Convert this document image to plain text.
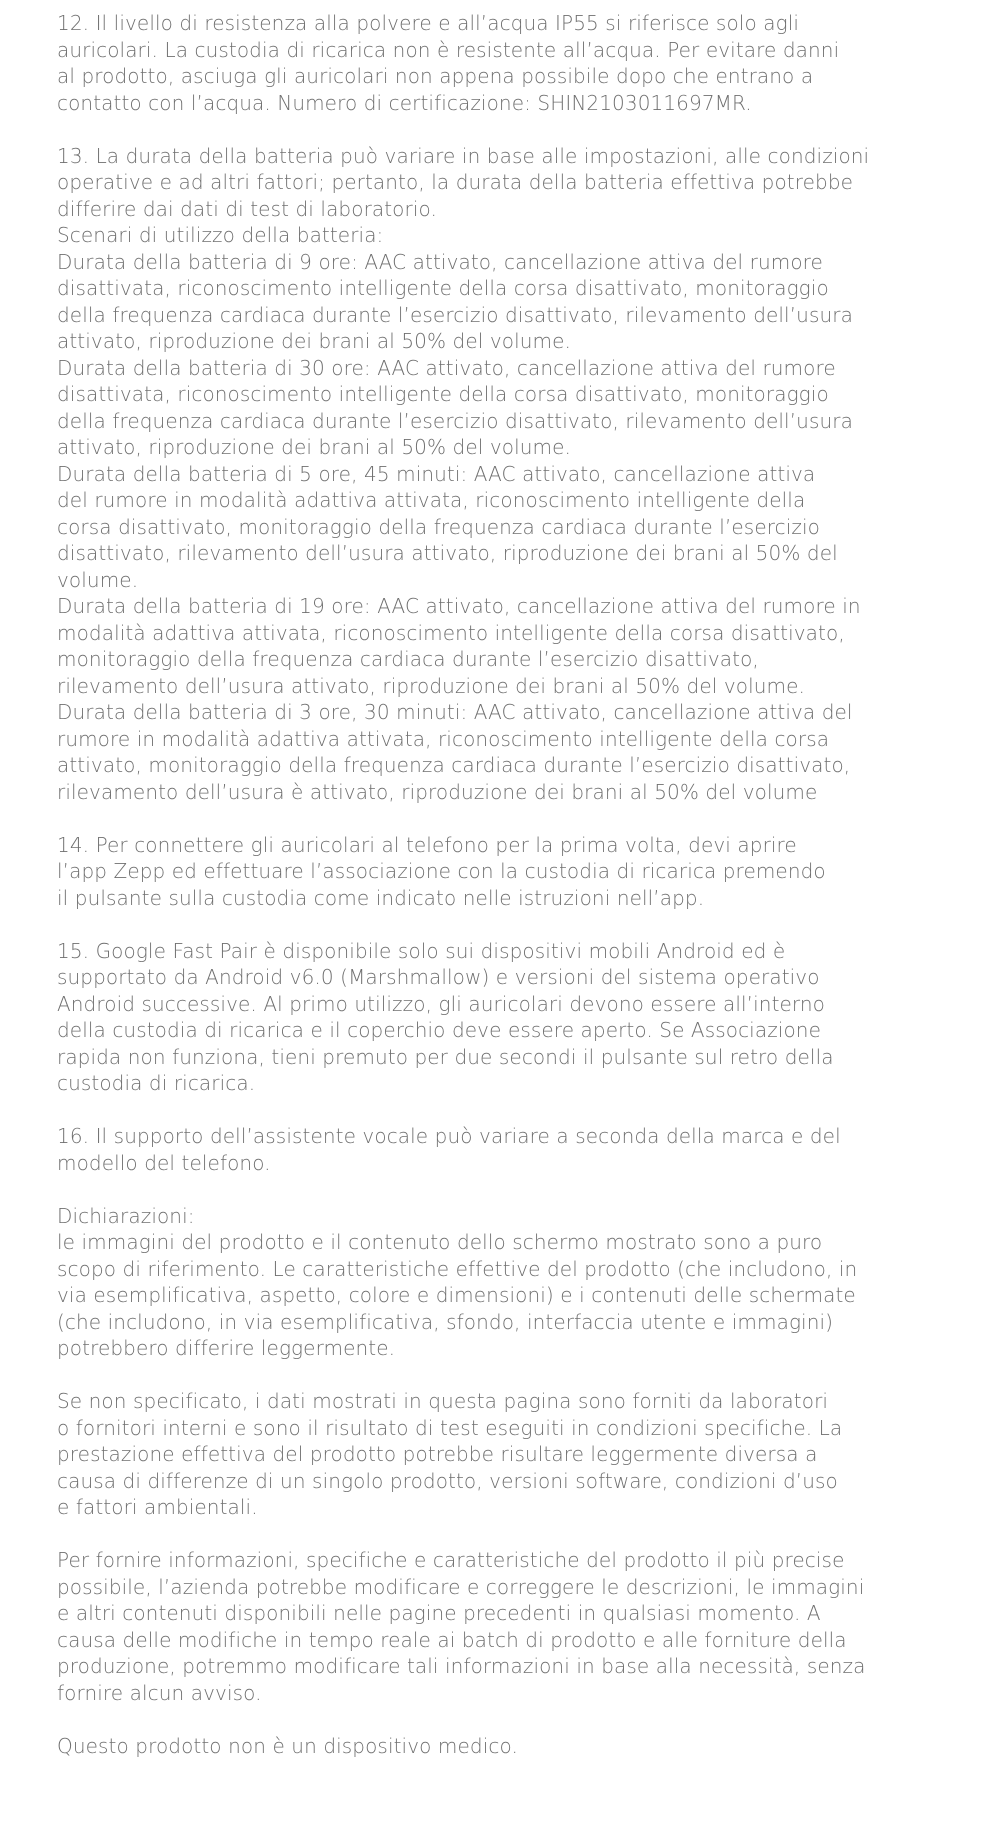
12. Il livello di resistenza alla polvere e all’acqua IP55 si riferisce solo agli
auricolari. La custodia di ricarica non è resistente all’acqua. Per evitare danni
al prodotto, asciuga gli auricolari non appena possibile dopo che entrano a
contatto con l’acqua. Numero di certificazione: SHIN2103011697MR.
13. La durata della batteria può variare in base alle impostazioni, alle condizioni
operative e ad altri fattori; pertanto, la durata della batteria effettiva potrebbe
differire dai dati di test di laboratorio.
Scenari di utilizzo della batteria:
Durata della batteria di 9 ore: AAC attivato, cancellazione attiva del rumore
disattivata, riconoscimento intelligente della corsa disattivato, monitoraggio
della frequenza cardiaca durante l’esercizio disattivato, rilevamento dell’usura
attivato, riproduzione dei brani al 50% del volume.
Durata della batteria di 30 ore: AAC attivato, cancellazione attiva del rumore
disattivata, riconoscimento intelligente della corsa disattivato, monitoraggio
della frequenza cardiaca durante l’esercizio disattivato, rilevamento dell’usura
attivato, riproduzione dei brani al 50% del volume.
Durata della batteria di 5 ore, 45 minuti: AAC attivato, cancellazione attiva
del rumore in modalità adattiva attivata, riconoscimento intelligente della
corsa disattivato, monitoraggio della frequenza cardiaca durante l’esercizio
disattivato, rilevamento dell’usura attivato, riproduzione dei brani al 50% del
volume.
Durata della batteria di 19 ore: AAC attivato, cancellazione attiva del rumore in
modalità adattiva attivata, riconoscimento intelligente della corsa disattivato,
monitoraggio della frequenza cardiaca durante l’esercizio disattivato,
rilevamento dell’usura attivato, riproduzione dei brani al 50% del volume.
Durata della batteria di 3 ore, 30 minuti: AAC attivato, cancellazione attiva del
rumore in modalità adattiva attivata, riconoscimento intelligente della corsa
attivato, monitoraggio della frequenza cardiaca durante l’esercizio disattivato,
rilevamento dell’usura è attivato, riproduzione dei brani al 50% del volume
14. Per connettere gli auricolari al telefono per la prima volta, devi aprire
l’app Zepp ed effettuare l’associazione con la custodia di ricarica premendo
il pulsante sulla custodia come indicato nelle istruzioni nell’app.
15. Google Fast Pair è disponibile solo sui dispositivi mobili Android ed è
supportato da Android v6.0 (Marshmallow) e versioni del sistema operativo
Android successive. Al primo utilizzo, gli auricolari devono essere all’interno
della custodia di ricarica e il coperchio deve essere aperto. Se Associazione
rapida non funziona, tieni premuto per due secondi il pulsante sul retro della
custodia di ricarica.
16. Il supporto dell’assistente vocale può variare a seconda della marca e del
modello del telefono.
Dichiarazioni:
le immagini del prodotto e il contenuto dello schermo mostrato sono a puro
scopo di riferimento. Le caratteristiche effettive del prodotto (che includono, in
via esemplificativa, aspetto, colore e dimensioni) e i contenuti delle schermate
(che includono, in via esemplificativa, sfondo, interfaccia utente e immagini)
potrebbero differire leggermente.
Se non specificato, i dati mostrati in questa pagina sono forniti da laboratori
o fornitori interni e sono il risultato di test eseguiti in condizioni specifiche. La
prestazione effettiva del prodotto potrebbe risultare leggermente diversa a
causa di differenze di un singolo prodotto, versioni software, condizioni d’uso
e fattori ambientali.
Per fornire informazioni, specifiche e caratteristiche del prodotto il più precise
possibile, l’azienda potrebbe modificare e correggere le descrizioni, le immagini
e altri contenuti disponibili nelle pagine precedenti in qualsiasi momento. A
causa delle modifiche in tempo reale ai batch di prodotto e alle forniture della
produzione, potremmo modificare tali informazioni in base alla necessità, senza
fornire alcun avviso.
Questo prodotto non è un dispositivo medico.
